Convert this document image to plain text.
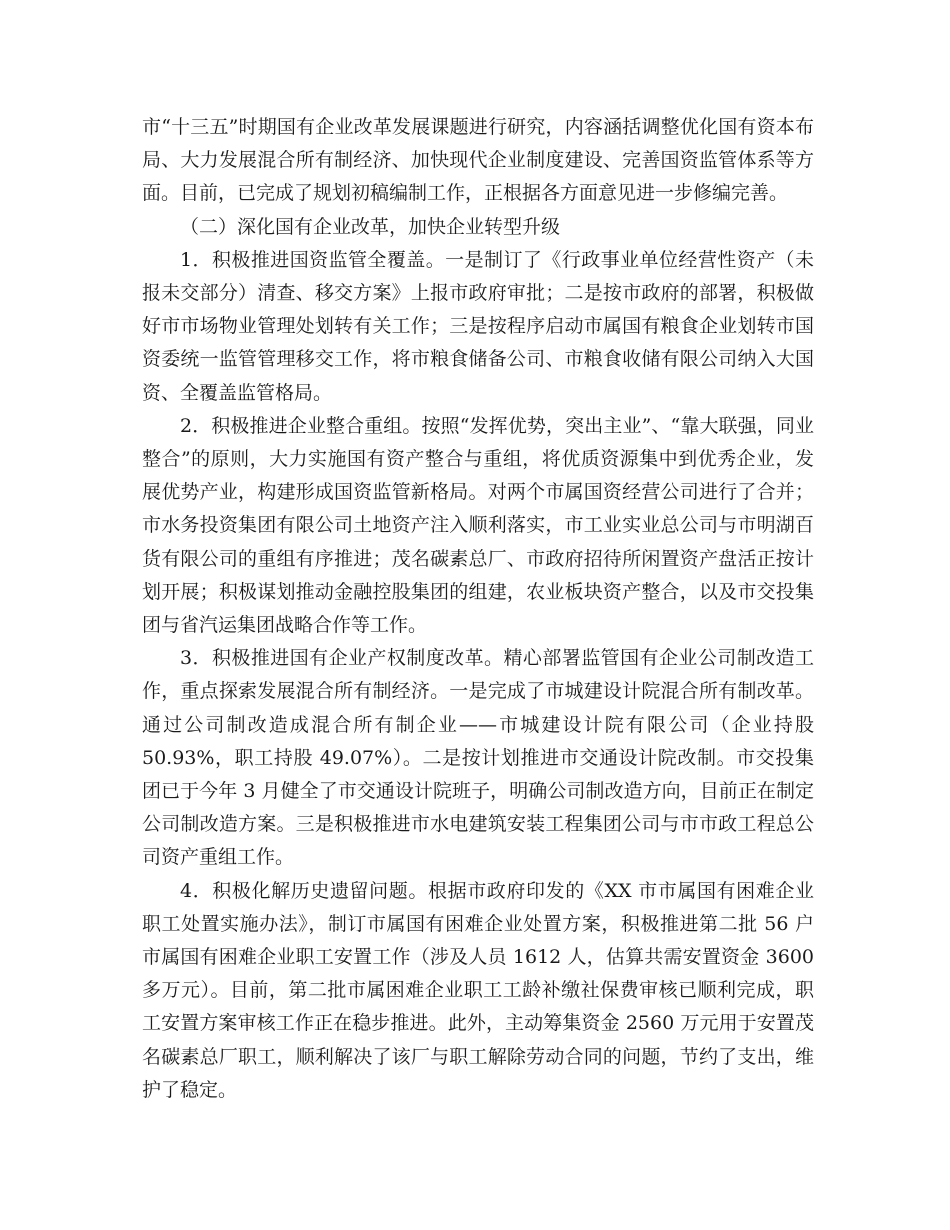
市“十三五”时期国有企业改革发展课题进行研究，内容涵括调整优化国有资本布局、大力发展混合所有制经济、加快现代企业制度建设、完善国资监管体系等方面。目前，已完成了规划初稿编制工作，正根据各方面意见进一步修编完善。

（二）深化国有企业改革，加快企业转型升级

1．积极推进国资监管全覆盖。一是制订了《行政事业单位经营性资产（未报未交部分）清查、移交方案》上报市政府审批；二是按市政府的部署，积极做好市市场物业管理处划转有关工作；三是按程序启动市属国有粮食企业划转市国资委统一监管管理移交工作，将市粮食储备公司、市粮食收储有限公司纳入大国资、全覆盖监管格局。

2．积极推进企业整合重组。按照“发挥优势，突出主业”、“靠大联强，同业整合”的原则，大力实施国有资产整合与重组，将优质资源集中到优秀企业，发展优势产业，构建形成国资监管新格局。对两个市属国资经营公司进行了合并；市水务投资集团有限公司土地资产注入顺利落实，市工业实业总公司与市明湖百货有限公司的重组有序推进；茂名碳素总厂、市政府招待所闲置资产盘活正按计划开展；积极谋划推动金融控股集团的组建，农业板块资产整合，以及市交投集团与省汽运集团战略合作等工作。

3．积极推进国有企业产权制度改革。精心部署监管国有企业公司制改造工作，重点探索发展混合所有制经济。一是完成了市城建设计院混合所有制改革。通过公司制改造成混合所有制企业——市城建设计院有限公司（企业持股 50.93%，职工持股 49.07%）。二是按计划推进市交通设计院改制。市交投集团已于今年 3 月健全了市交通设计院班子，明确公司制改造方向，目前正在制定公司制改造方案。三是积极推进市水电建筑安装工程集团公司与市市政工程总公司资产重组工作。

4．积极化解历史遗留问题。根据市政府印发的《XX 市市属国有困难企业职工处置实施办法》，制订市属国有困难企业处置方案，积极推进第二批 56 户市属国有困难企业职工安置工作（涉及人员 1612 人，估算共需安置资金 3600 多万元）。目前，第二批市属困难企业职工工龄补缴社保费审核已顺利完成，职工安置方案审核工作正在稳步推进。此外，主动筹集资金 2560 万元用于安置茂名碳素总厂职工，顺利解决了该厂与职工解除劳动合同的问题，节约了支出，维护了稳定。
